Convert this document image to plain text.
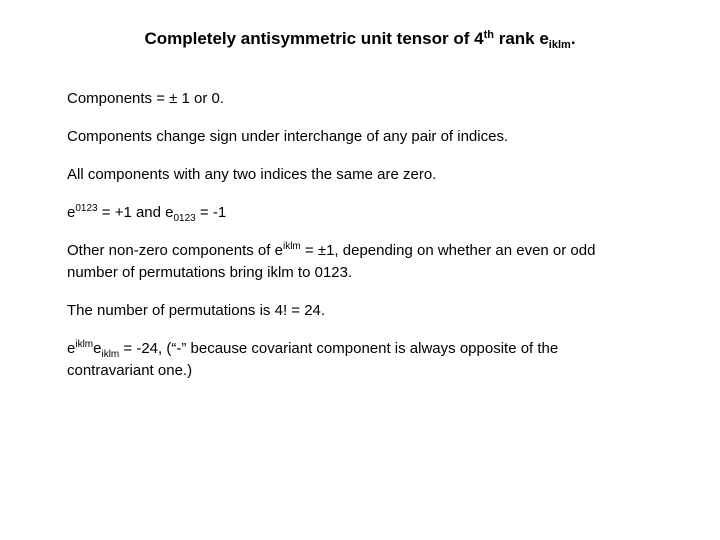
Completely antisymmetric unit tensor of 4th rank $e_{iklm}$.

Components = ± 1 or 0.

Components change sign under interchange of any pair of indices.

All components with any two indices the same are zero.

$e^{0123} = +1$ and $e_{0123} = -1$

Other non-zero components of $e^{iklm} = \pm 1$, depending on whether an even or odd
number of permutations bring iklm to 0123.

The number of permutations is 4! = 24.

$e^{iklm}e_{iklm} = -24$, (“-” because covariant component is always opposite of the
contravariant one.)
